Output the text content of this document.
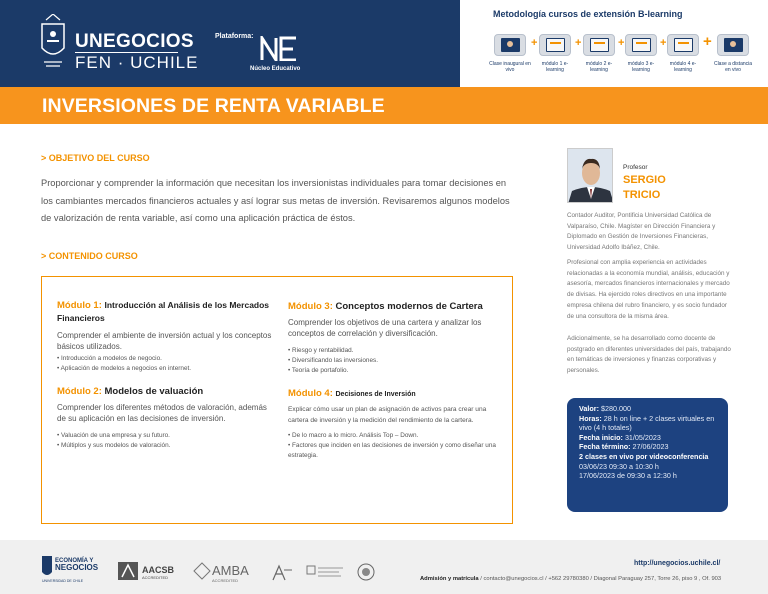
UNEGOCIOS
FEN · UCHILE
Plataforma:
Núcleo Educativo
Metodología cursos de extensión B-learning
+	+	+	+ +
Clase inaugural en vivo
módulo 1 e-learning
módulo 2 e-learning
módulo 3 e-learning
módulo 4 e-learning
Clase a distancia en vivo
INVERSIONES DE RENTA VARIABLE
> OBJETIVO DEL CURSO
Proporcionar y comprender la información que necesitan los inversionistas individuales para tomar decisiones en los cambiantes mercados financieros actuales y así lograr sus metas de inversión. Revisaremos algunos modelos de valorización de renta variable, así como una aplicación práctica de éstos.
> CONTENIDO CURSO
Módulo 1: Introducción al Análisis de los Mercados Financieros
Comprender el ambiente de inversión actual y los conceptos básicos utilizados.
• Introducción a modelos de negocio.
• Aplicación de modelos a negocios en internet.
Módulo 2: Modelos de valuación
Comprender los diferentes métodos de valoración, además de su aplicación en las decisiones de inversión.
• Valuación de una empresa y su futuro.
• Múltiplos y sus modelos de valoración.
Módulo 3: Conceptos modernos de Cartera
Comprender los objetivos de una cartera y analizar los conceptos de correlación y diversificación.
• Riesgo y rentabilidad.
• Diversificando las inversiones.
• Teoría de portafolio.
Módulo 4: Decisiones de Inversión
Explicar cómo usar un plan de asignación de activos para crear una cartera de inversión y la medición del rendimiento de la cartera.
• De lo macro a lo micro. Análisis Top – Down.
• Factores que inciden en las decisiones de inversión y como diseñar una estrategia.
Profesor
SERGIO
TRICIO
Contador Auditor, Pontificia Universidad Católica de Valparaíso, Chile. Magíster en Dirección Financiera y Diplomado en Gestión de Inversiones Financieras, Universidad Adolfo Ibáñez, Chile.
Profesional con amplia experiencia en actividades relacionadas a la economía mundial, análisis, educación y asesoría, mercados financieros internacionales y mercado de divisas. Ha ejercido roles directivos en una importante empresa chilena del rubro financiero, y es socio fundador de una consultora de la misma área.
Adicionalmente, se ha desarrollado como docente de postgrado en diferentes universidades del país, trabajando en temáticas de inversiones y finanzas corporativas y personales.
Valor: $280.000
Horas: 28 h on line + 2 clases virtuales en vivo (4 h totales)
Fecha inicio: 31/05/2023
Fecha término: 27/06/2023
2 clases en vivo por videoconferencia
03/06/23 09:30 a 10:30 h
17/06/2023 de 09:30 a 12:30 h
ECONOMÍA Y
NEGOCIOS
UNIVERSIDAD DE CHILE
AACSB
ACCREDITED	AMBA
ACCREDITED
http://unegocios.uchile.cl/
Admisión y matrícula / contacto@unegocios.cl / +562 29780380 / Diagonal Paraguay 257, Torre 26, piso 9 , Of. 903
